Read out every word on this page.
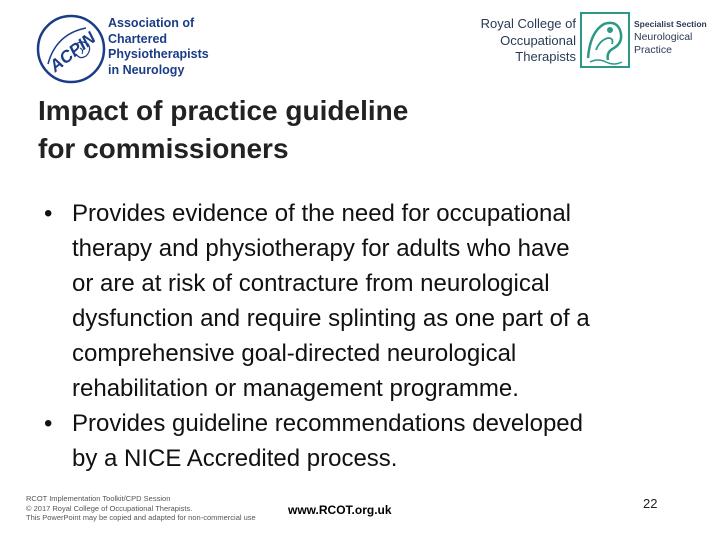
ACPIN
Association of
Chartered
Physiotherapists
in Neurology
Royal College of
Occupational
Therapists
Specialist Section
Neurological
Practice
Impact of practice guideline
for commissioners
• Provides evidence of the need for occupational
therapy and physiotherapy for adults who have
or are at risk of contracture from neurological
dysfunction and require splinting as one part of a
comprehensive goal-directed neurological
rehabilitation or management programme.
• Provides guideline recommendations developed
by a NICE Accredited process.
RCOT Implementation Toolkit/CPD Session
© 2017 Royal College of Occupational Therapists.
This PowerPoint may be copied and adapted for non-commercial use
www.RCOT.org.uk	22
